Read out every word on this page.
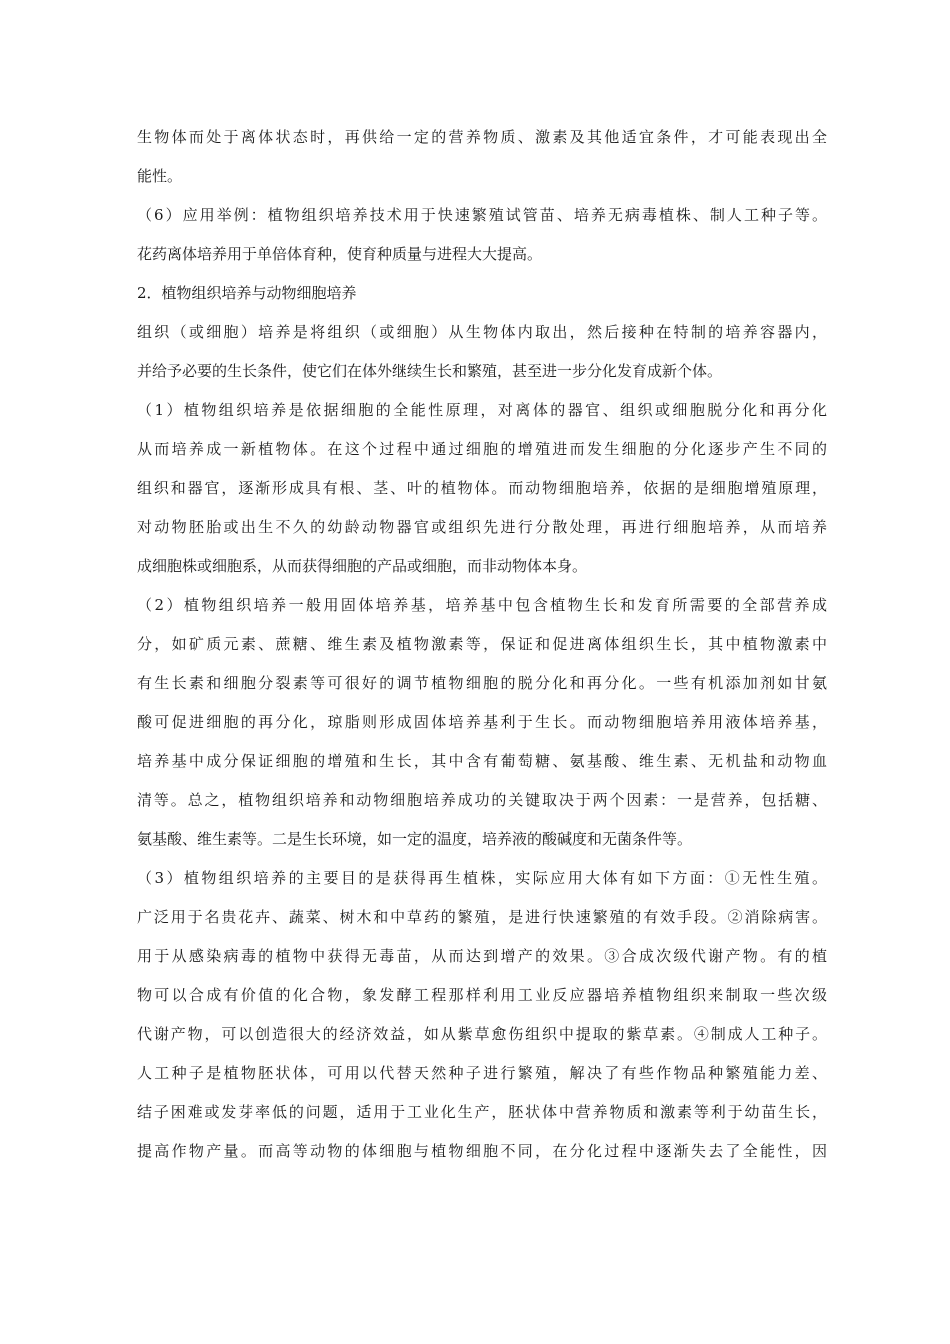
生物体而处于离体状态时，再供给一定的营养物质、激素及其他适宜条件，才可能表现出全
能性。
（6）应用举例：植物组织培养技术用于快速繁殖试管苗、培养无病毒植株、制人工种子等。
花药离体培养用于单倍体育种，使育种质量与进程大大提高。
2．植物组织培养与动物细胞培养
组织（或细胞）培养是将组织（或细胞）从生物体内取出，然后接种在特制的培养容器内，
并给予必要的生长条件，使它们在体外继续生长和繁殖，甚至进一步分化发育成新个体。
（1）植物组织培养是依据细胞的全能性原理，对离体的器官、组织或细胞脱分化和再分化
从而培养成一新植物体。在这个过程中通过细胞的增殖进而发生细胞的分化逐步产生不同的
组织和器官，逐渐形成具有根、茎、叶的植物体。而动物细胞培养，依据的是细胞增殖原理，
对动物胚胎或出生不久的幼龄动物器官或组织先进行分散处理，再进行细胞培养，从而培养
成细胞株或细胞系，从而获得细胞的产品或细胞，而非动物体本身。
（2）植物组织培养一般用固体培养基，培养基中包含植物生长和发育所需要的全部营养成
分，如矿质元素、蔗糖、维生素及植物激素等，保证和促进离体组织生长，其中植物激素中
有生长素和细胞分裂素等可很好的调节植物细胞的脱分化和再分化。一些有机添加剂如甘氨
酸可促进细胞的再分化，琼脂则形成固体培养基利于生长。而动物细胞培养用液体培养基，
培养基中成分保证细胞的增殖和生长，其中含有葡萄糖、氨基酸、维生素、无机盐和动物血
清等。总之，植物组织培养和动物细胞培养成功的关键取决于两个因素：一是营养，包括糖、
氨基酸、维生素等。二是生长环境，如一定的温度，培养液的酸碱度和无菌条件等。
（3）植物组织培养的主要目的是获得再生植株，实际应用大体有如下方面：①无性生殖。
广泛用于名贵花卉、蔬菜、树木和中草药的繁殖，是进行快速繁殖的有效手段。②消除病害。
用于从感染病毒的植物中获得无毒苗，从而达到增产的效果。③合成次级代谢产物。有的植
物可以合成有价值的化合物，象发酵工程那样利用工业反应器培养植物组织来制取一些次级
代谢产物，可以创造很大的经济效益，如从紫草愈伤组织中提取的紫草素。④制成人工种子。
人工种子是植物胚状体，可用以代替天然种子进行繁殖，解决了有些作物品种繁殖能力差、
结子困难或发芽率低的问题，适用于工业化生产，胚状体中营养物质和激素等利于幼苗生长，
提高作物产量。而高等动物的体细胞与植物细胞不同，在分化过程中逐渐失去了全能性，因
